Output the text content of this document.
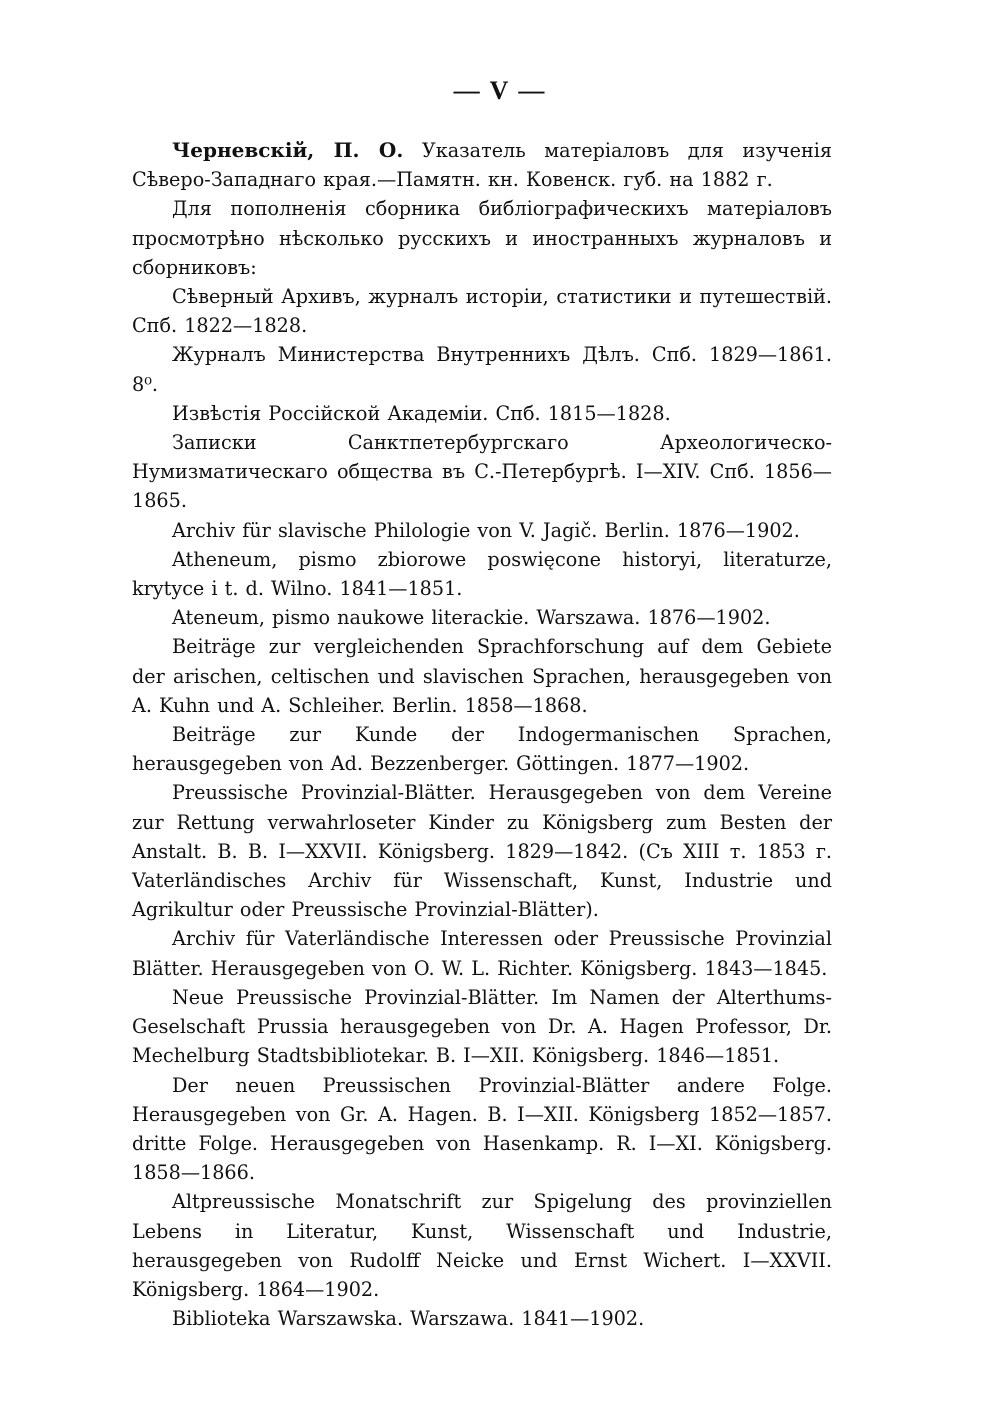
— V —

Черневскій, П. О. Указатель матеріаловъ для изученія Сѣверо-Западнаго края.—Памятн. кн. Ковенск. губ. на 1882 г.

Для пополненія сборника библіографическихъ матеріаловъ просмотрѣно нѣсколько русскихъ и иностранныхъ журналовъ и сборниковъ:

Сѣверный Архивъ, журналъ исторіи, статистики и путешествій. Спб. 1822—1828.

Журналъ Министерства Внутреннихъ Дѣлъ. Спб. 1829—1861. 8⁰.

Извѣстія Россійской Академіи. Спб. 1815—1828.

Записки Санктпетербургскаго Археологическо-Нумизматическаго общества въ С.-Петербургѣ. I—XIV. Спб. 1856—1865.

Archiv für slavische Philologie von V. Jagič. Berlin. 1876—1902.

Atheneum, pismo zbiorowe poswięcone historyi, literaturze, krytyce i t. d. Wilno. 1841—1851.

Ateneum, pismo naukowe literackie. Warszawa. 1876—1902.

Beiträge zur vergleichenden Sprachforschung auf dem Gebiete der arischen, celtischen und slavischen Sprachen, herausgegeben von A. Kuhn und A. Schleiher. Berlin. 1858—1868.

Beiträge zur Kunde der Indogermanischen Sprachen, herausgegeben von Ad. Bezzenberger. Göttingen. 1877—1902.

Preussische Provinzial-Blätter. Herausgegeben von dem Vereine zur Rettung verwahrloseter Kinder zu Königsberg zum Besten der Anstalt. B. B. I—XXVII. Königsberg. 1829—1842. (Съ XIII т. 1853 г. Vaterländisches Archiv für Wissenschaft, Kunst, Industrie und Agrikultur oder Preussische Provinzial-Blätter).

Archiv für Vaterländische Interessen oder Preussische Provinzial Blätter. Herausgegeben von O. W. L. Richter. Königsberg. 1843—1845.

Neue Preussische Provinzial-Blätter. Im Namen der Alterthums-Geselschaft Prussia herausgegeben von Dr. A. Hagen Professor, Dr. Mechelburg Stadtsbibliotekar. B. I—XII. Königsberg. 1846—1851.

Der neuen Preussischen Provinzial-Blätter andere Folge. Herausgegeben von Gr. A. Hagen. B. I—XII. Königsberg 1852—1857. dritte Folge. Herausgegeben von Hasenkamp. R. I—XI. Königsberg. 1858—1866.

Altpreussische Monatschrift zur Spigelung des provinziellen Lebens in Literatur, Kunst, Wissenschaft und Industrie, herausgegeben von Rudolff Neicke und Ernst Wichert. I—XXVII. Königsberg. 1864—1902.

Biblioteka Warszawska. Warszawa. 1841—1902.
